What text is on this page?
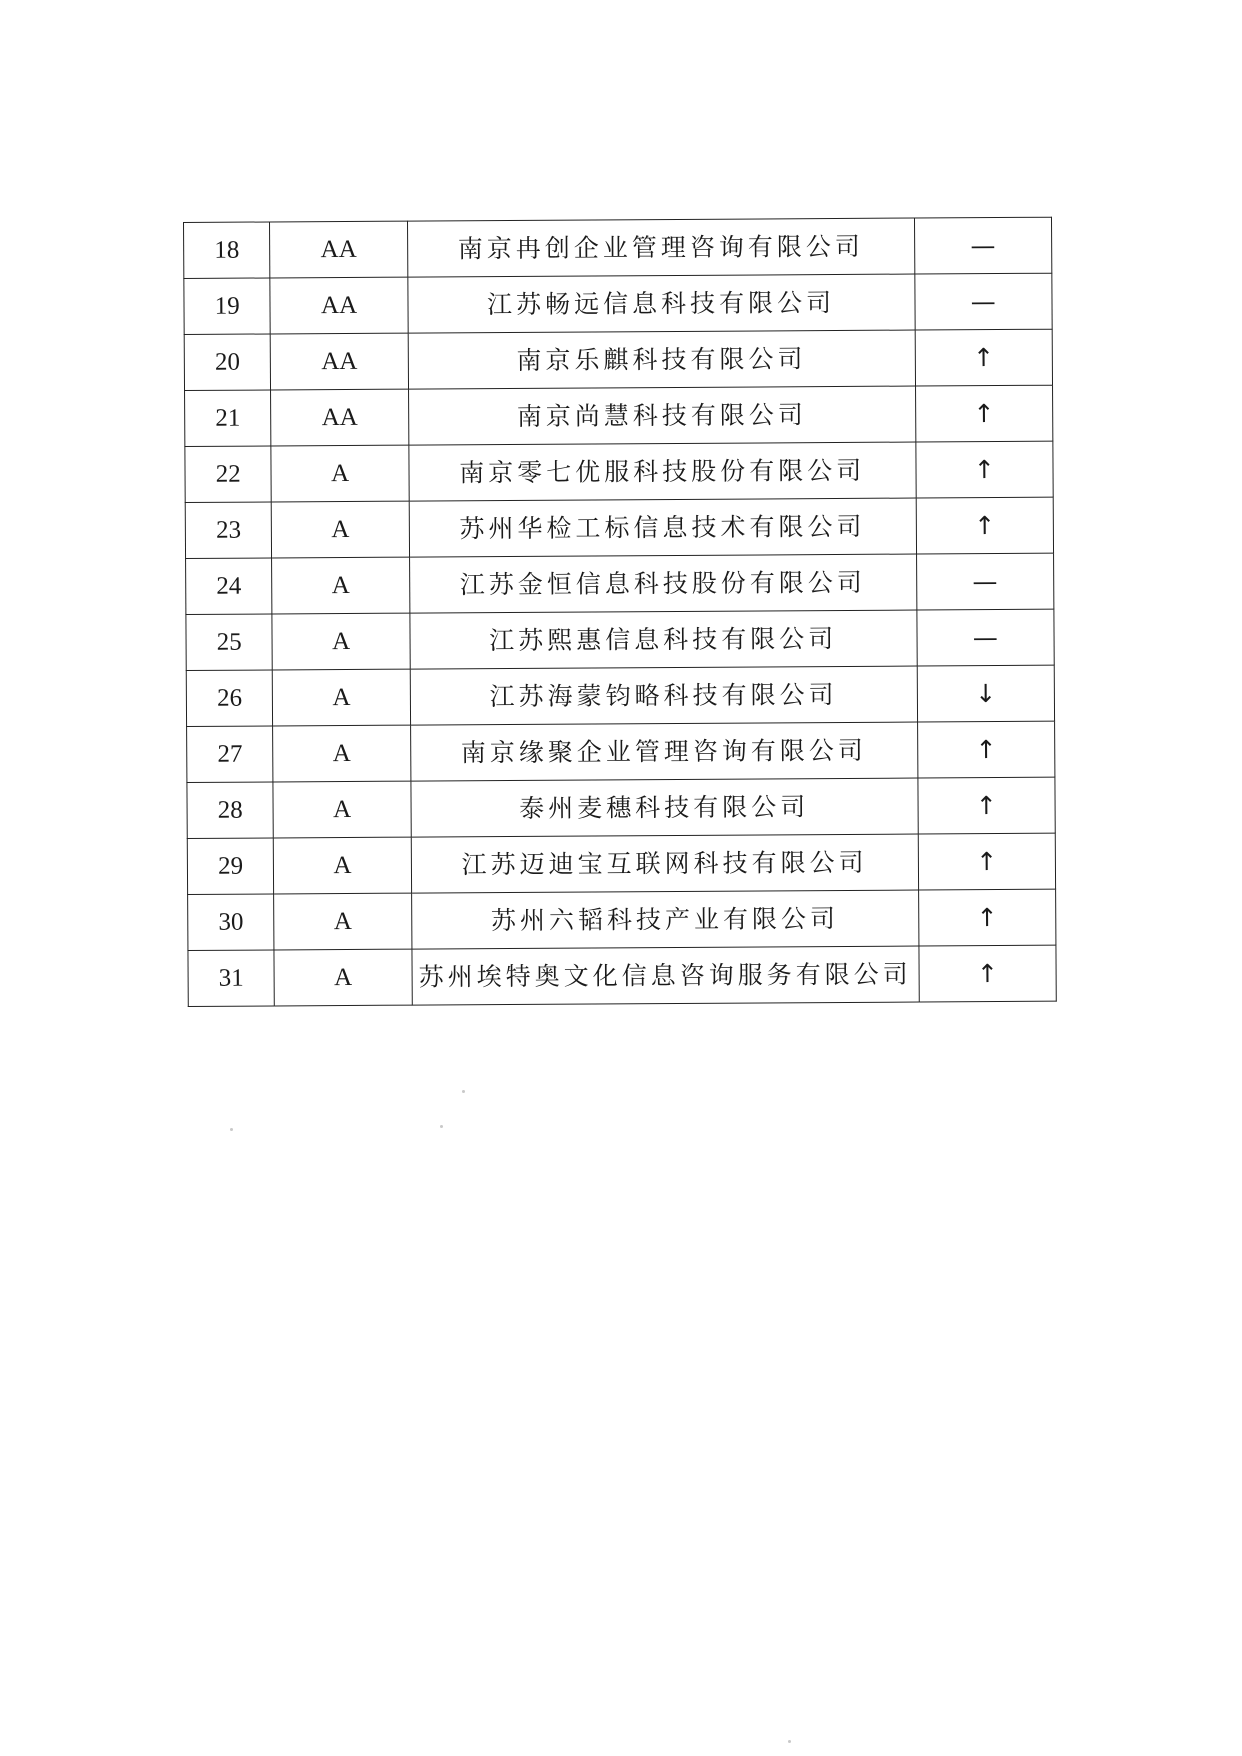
18	AA	南京冉创企业管理咨询有限公司	—
19	AA	江苏畅远信息科技有限公司	—
20	AA	南京乐麒科技有限公司	↑
21	AA	南京尚慧科技有限公司	↑
22	A	南京零七优服科技股份有限公司	↑
23	A	苏州华检工标信息技术有限公司	↑
24	A	江苏金恒信息科技股份有限公司	—
25	A	江苏熙惠信息科技有限公司	—
26	A	江苏海蒙钧略科技有限公司	↓
27	A	南京缘聚企业管理咨询有限公司	↑
28	A	泰州麦穗科技有限公司	↑
29	A	江苏迈迪宝互联网科技有限公司	↑
30	A	苏州六韬科技产业有限公司	↑
31	A	苏州埃特奥文化信息咨询服务有限公司	↑
